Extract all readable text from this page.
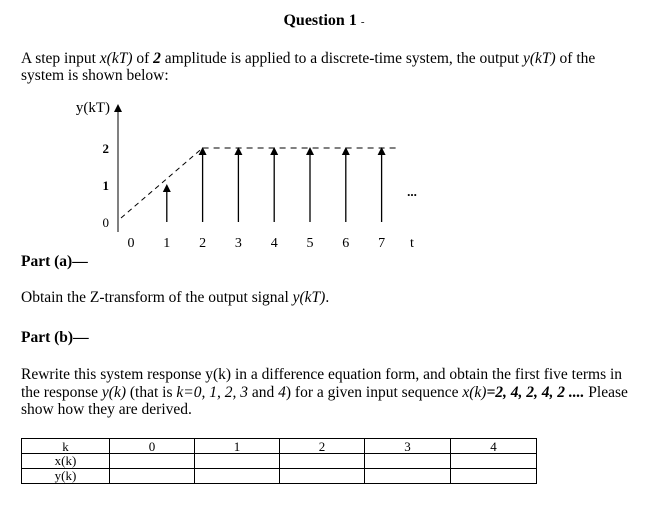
Question 1 -
A step input x(kT) of 2 amplitude is applied to a discrete-time system, the output y(kT) of the system is shown below:
y(kT)
0
1
2
...
0 1 2 3 4 5 6 7 t
Part (a)—
Obtain the Z-transform of the output signal y(kT).
Part (b)—
Rewrite this system response y(k) in a difference equation form, and obtain the first five terms in the response y(k) (that is k=0, 1, 2, 3 and 4) for a given input sequence x(k)=2, 4, 2, 4, 2 .... Please show how they are derived.
k	0	1	2	3	4
x(k)					
y(k)					
